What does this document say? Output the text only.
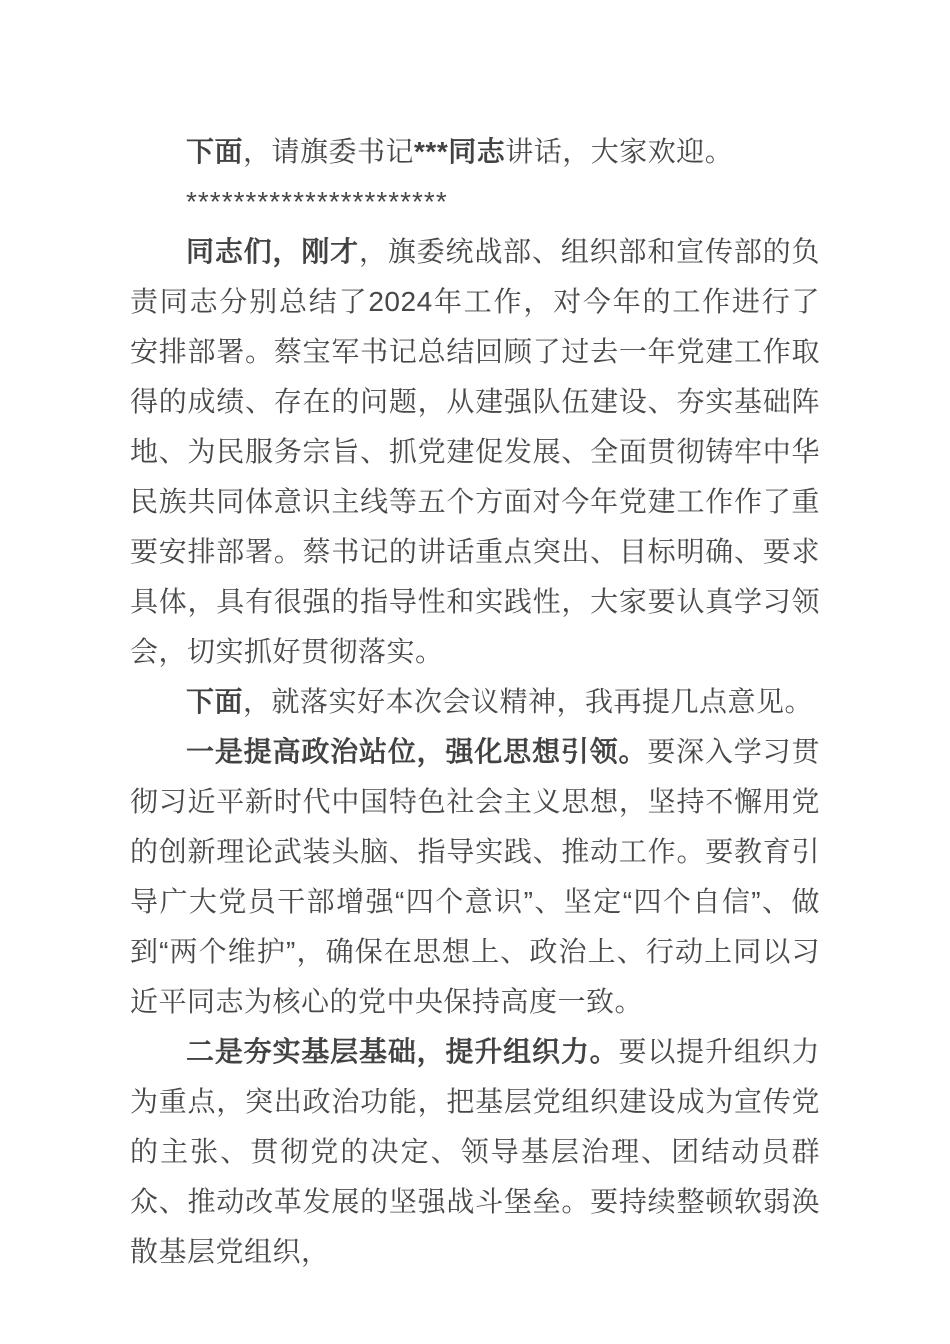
下面，请旗委书记***同志讲话，大家欢迎。

**********************

同志们，刚才，旗委统战部、组织部和宣传部的负责同志分别总结了2024年工作，对今年的工作进行了安排部署。蔡宝军书记总结回顾了过去一年党建工作取得的成绩、存在的问题，从建强队伍建设、夯实基础阵地、为民服务宗旨、抓党建促发展、全面贯彻铸牢中华民族共同体意识主线等五个方面对今年党建工作作了重要安排部署。蔡书记的讲话重点突出、目标明确、要求具体，具有很强的指导性和实践性，大家要认真学习领会，切实抓好贯彻落实。

下面，就落实好本次会议精神，我再提几点意见。

一是提高政治站位，强化思想引领。要深入学习贯彻习近平新时代中国特色社会主义思想，坚持不懈用党的创新理论武装头脑、指导实践、推动工作。要教育引导广大党员干部增强“四个意识”、坚定“四个自信”、做到“两个维护”，确保在思想上、政治上、行动上同以习近平同志为核心的党中央保持高度一致。

二是夯实基层基础，提升组织力。要以提升组织力为重点，突出政治功能，把基层党组织建设成为宣传党的主张、贯彻党的决定、领导基层治理、团结动员群众、推动改革发展的坚强战斗堡垒。要持续整顿软弱涣散基层党组织，
